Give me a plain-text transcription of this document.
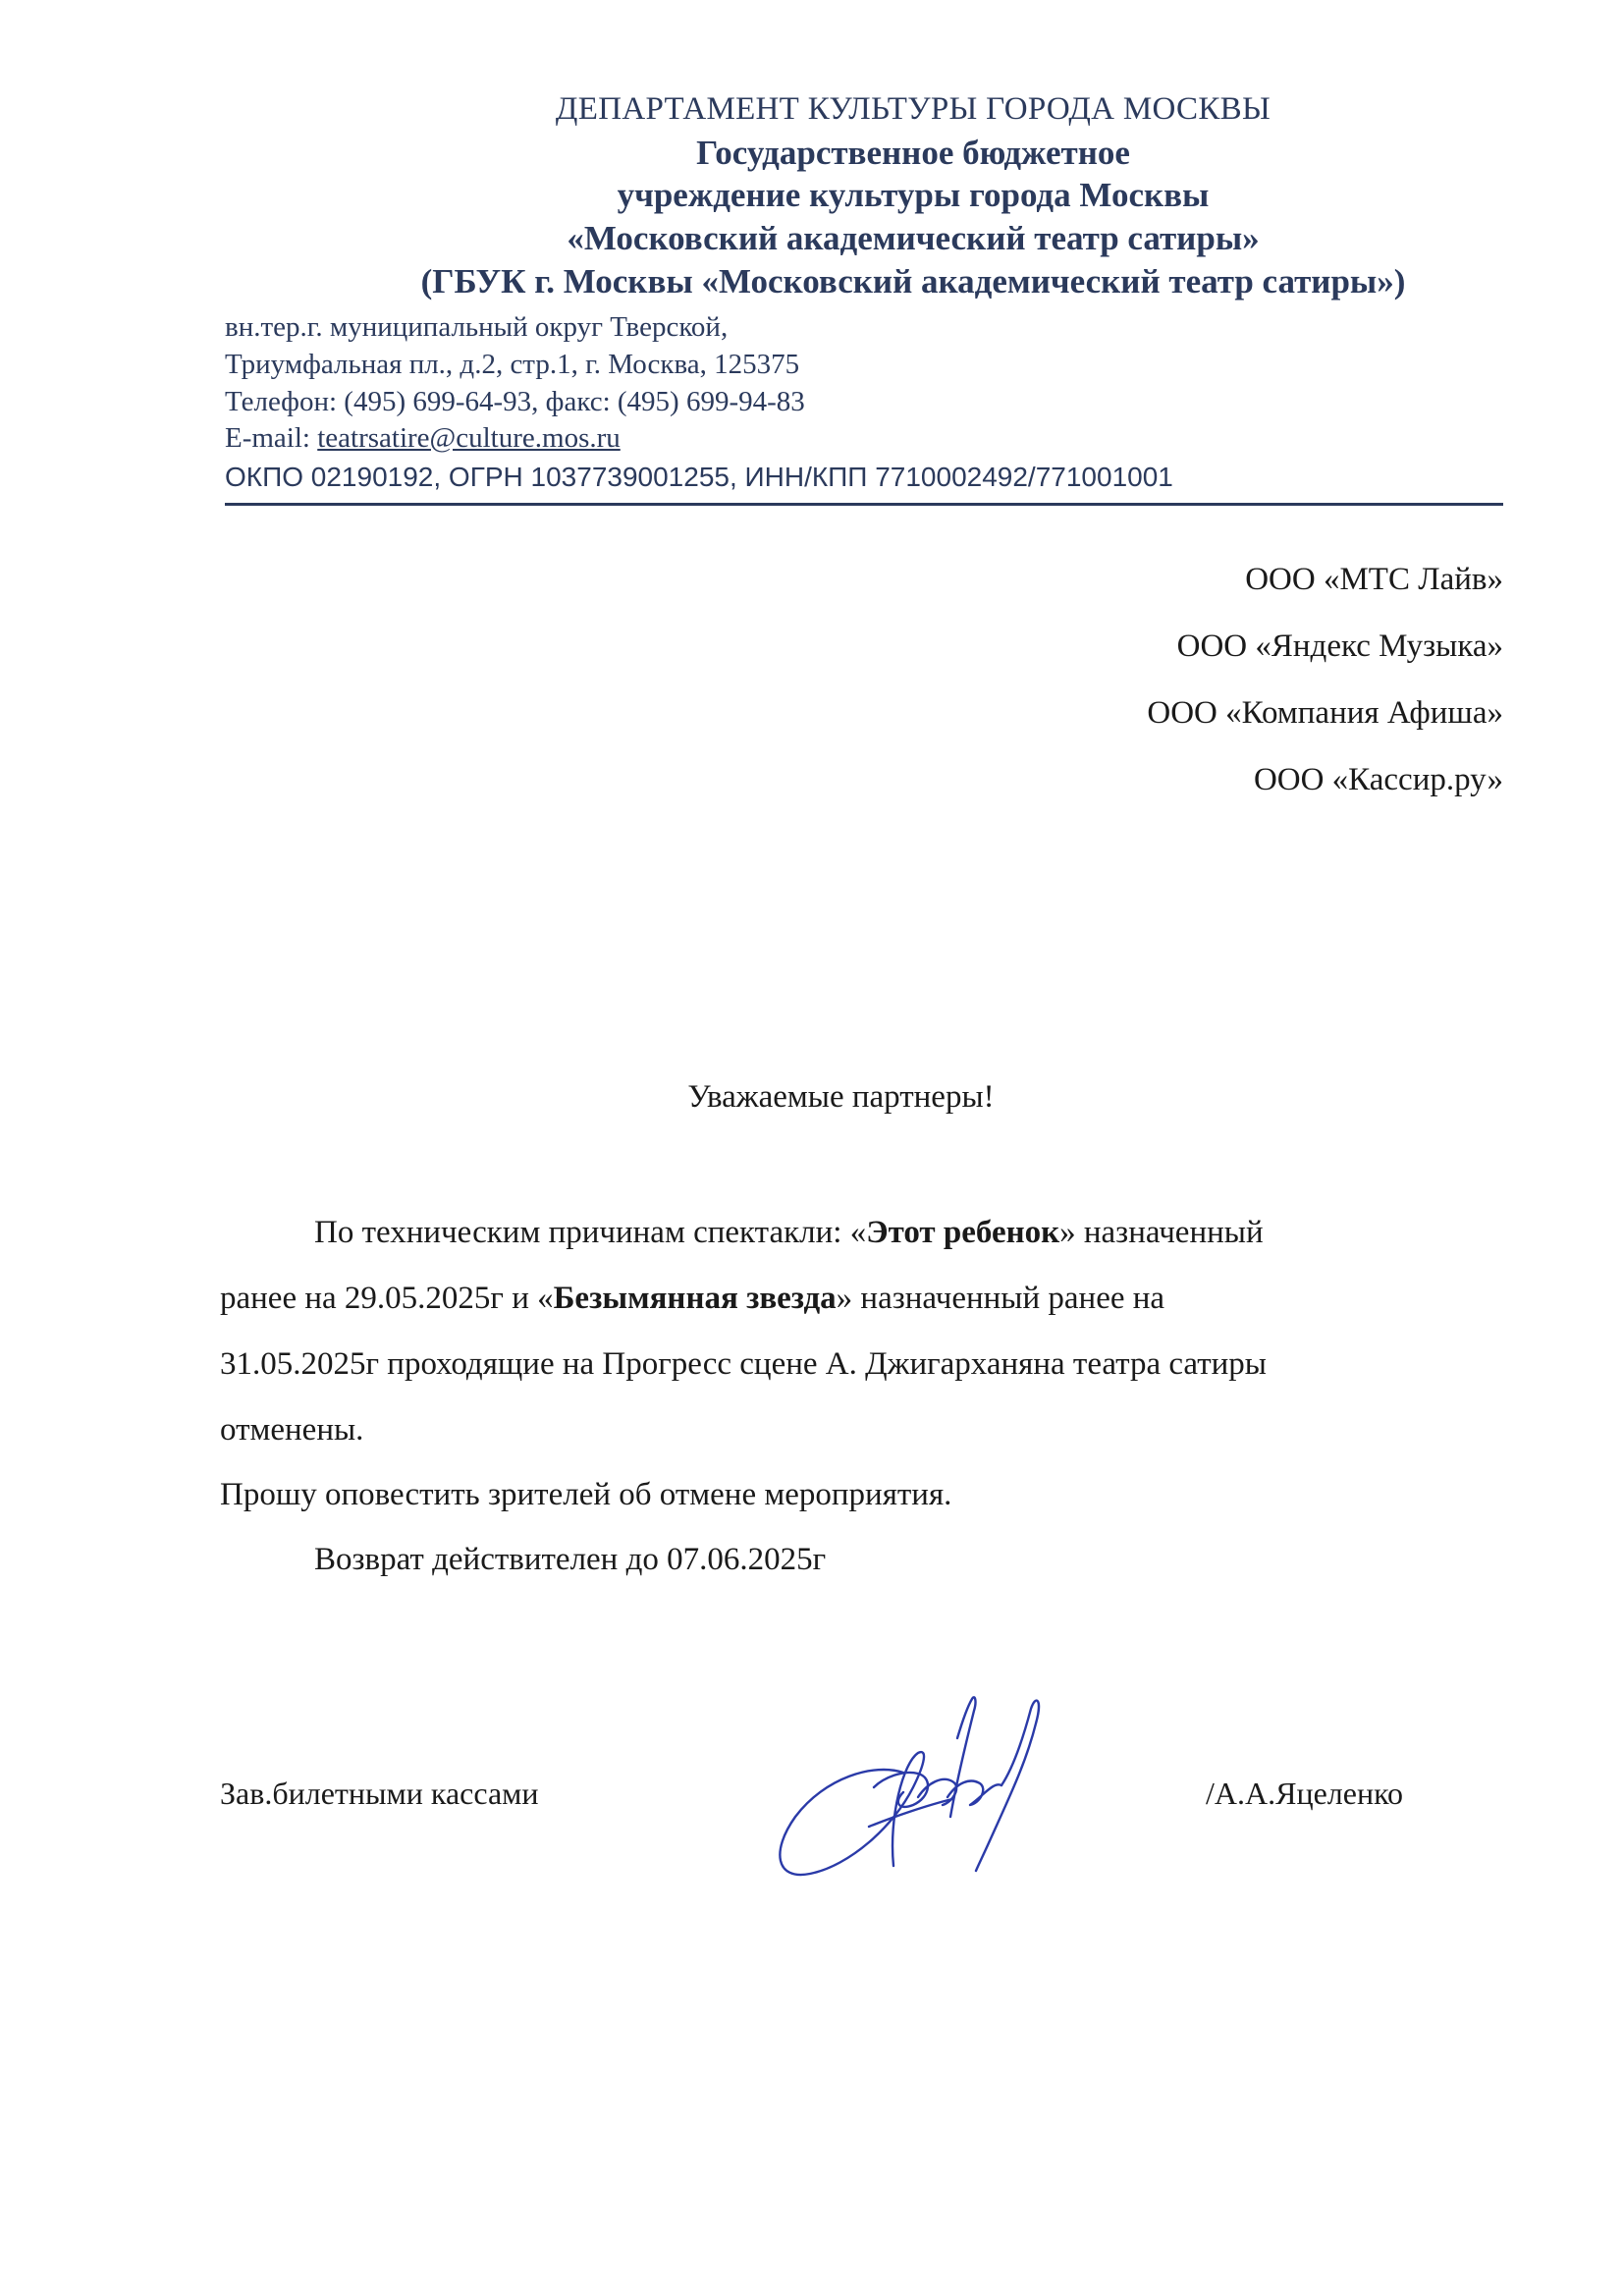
ДЕПАРТАМЕНТ КУЛЬТУРЫ ГОРОДА МОСКВЫ
Государственное бюджетное
учреждение культуры города Москвы
«Московский академический театр сатиры»
(ГБУК г. Москвы «Московский академический театр сатиры»)
вн.тер.г. муниципальный округ Тверской,
Триумфальная пл., д.2, стр.1, г. Москва, 125375
Телефон: (495) 699-64-93, факс: (495) 699-94-83
E-mail: teatrsatire@culture.mos.ru
ОКПО 02190192, ОГРН 1037739001255, ИНН/КПП 7710002492/771001001
ООО «МТС Лайв»
ООО «Яндекс Музыка»
ООО «Компания Афиша»
ООО «Кассир.ру»
Уважаемые партнеры!
По техническим причинам спектакли: «Этот ребенок» назначенный
ранее на 29.05.2025г и «Безымянная звезда» назначенный ранее на
31.05.2025г проходящие на Прогресс сцене А. Джигарханяна театра сатиры
отменены.
Прошу оповестить зрителей об отмене мероприятия.
Возврат действителен до 07.06.2025г
Зав.билетными кассами	/А.А.Яцеленко
